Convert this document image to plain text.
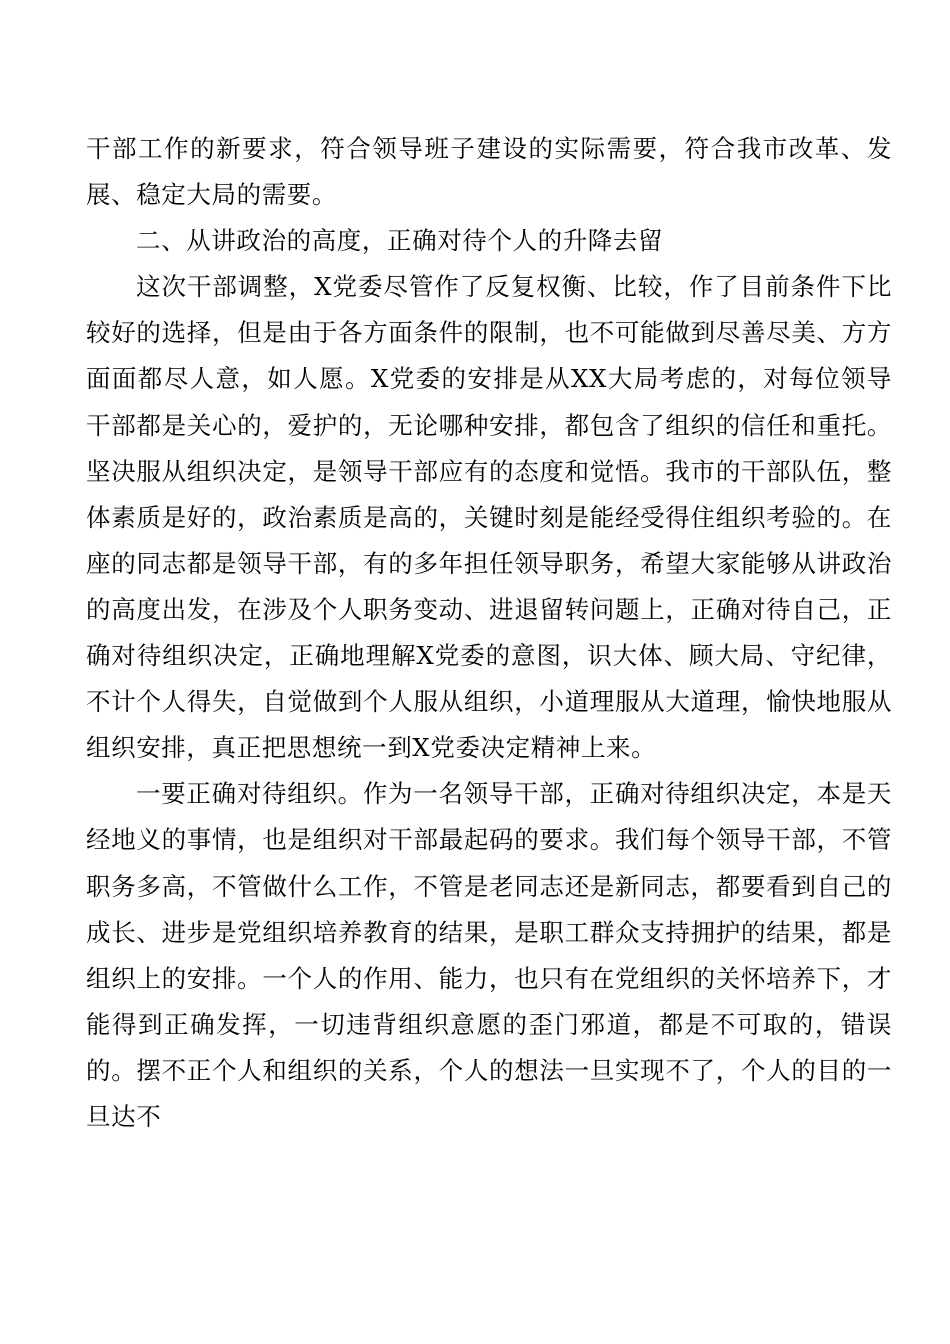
干部工作的新要求，符合领导班子建设的实际需要，符合我市改革、发展、稳定大局的需要。

二、从讲政治的高度，正确对待个人的升降去留

这次干部调整，X党委尽管作了反复权衡、比较，作了目前条件下比较好的选择，但是由于各方面条件的限制，也不可能做到尽善尽美、方方面面都尽人意，如人愿。X党委的安排是从XX大局考虑的，对每位领导干部都是关心的，爱护的，无论哪种安排，都包含了组织的信任和重托。坚决服从组织决定，是领导干部应有的态度和觉悟。我市的干部队伍，整体素质是好的，政治素质是高的，关键时刻是能经受得住组织考验的。在座的同志都是领导干部，有的多年担任领导职务，希望大家能够从讲政治的高度出发，在涉及个人职务变动、进退留转问题上，正确对待自己，正确对待组织决定，正确地理解X党委的意图，识大体、顾大局、守纪律，不计个人得失，自觉做到个人服从组织，小道理服从大道理，愉快地服从组织安排，真正把思想统一到X党委决定精神上来。

一要正确对待组织。作为一名领导干部，正确对待组织决定，本是天经地义的事情，也是组织对干部最起码的要求。我们每个领导干部，不管职务多高，不管做什么工作，不管是老同志还是新同志，都要看到自己的成长、进步是党组织培养教育的结果，是职工群众支持拥护的结果，都是组织上的安排。一个人的作用、能力，也只有在党组织的关怀培养下，才能得到正确发挥，一切违背组织意愿的歪门邪道，都是不可取的，错误的。摆不正个人和组织的关系，个人的想法一旦实现不了，个人的目的一旦达不
